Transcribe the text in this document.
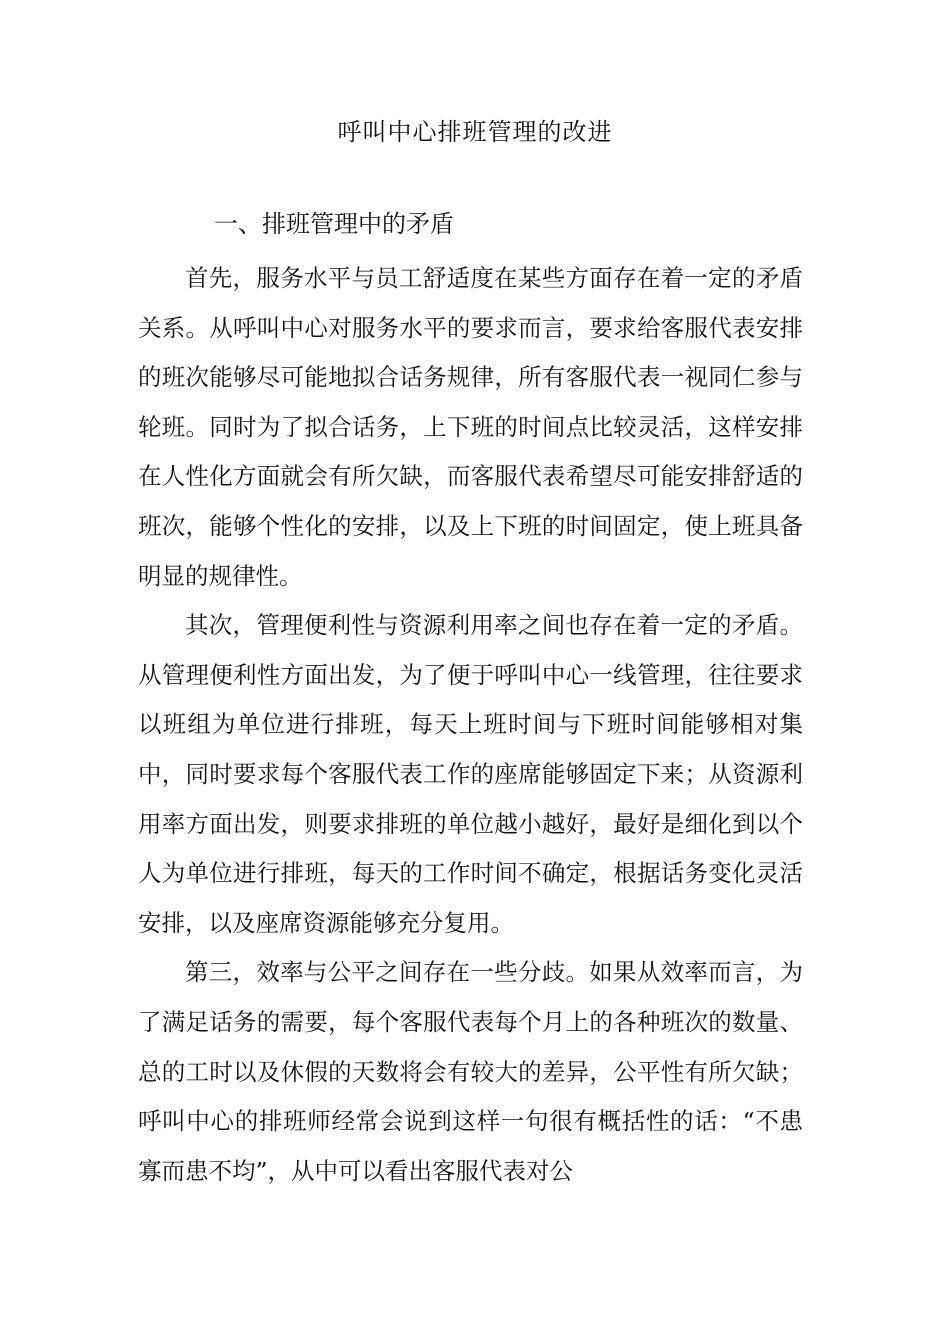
呼叫中心排班管理的改进
一、排班管理中的矛盾

首先，服务水平与员工舒适度在某些方面存在着一定的矛盾关系。从呼叫中心对服务水平的要求而言，要求给客服代表安排的班次能够尽可能地拟合话务规律，所有客服代表一视同仁参与轮班。同时为了拟合话务，上下班的时间点比较灵活，这样安排在人性化方面就会有所欠缺，而客服代表希望尽可能安排舒适的班次，能够个性化的安排，以及上下班的时间固定，使上班具备明显的规律性。

其次，管理便利性与资源利用率之间也存在着一定的矛盾。从管理便利性方面出发，为了便于呼叫中心一线管理，往往要求以班组为单位进行排班，每天上班时间与下班时间能够相对集中，同时要求每个客服代表工作的座席能够固定下来；从资源利用率方面出发，则要求排班的单位越小越好，最好是细化到以个人为单位进行排班，每天的工作时间不确定，根据话务变化灵活安排，以及座席资源能够充分复用。

第三，效率与公平之间存在一些分歧。如果从效率而言，为了满足话务的需要，每个客服代表每个月上的各种班次的数量、总的工时以及休假的天数将会有较大的差异，公平性有所欠缺；呼叫中心的排班师经常会说到这样一句很有概括性的话：“不患寡而患不均”，从中可以看出客服代表对公
